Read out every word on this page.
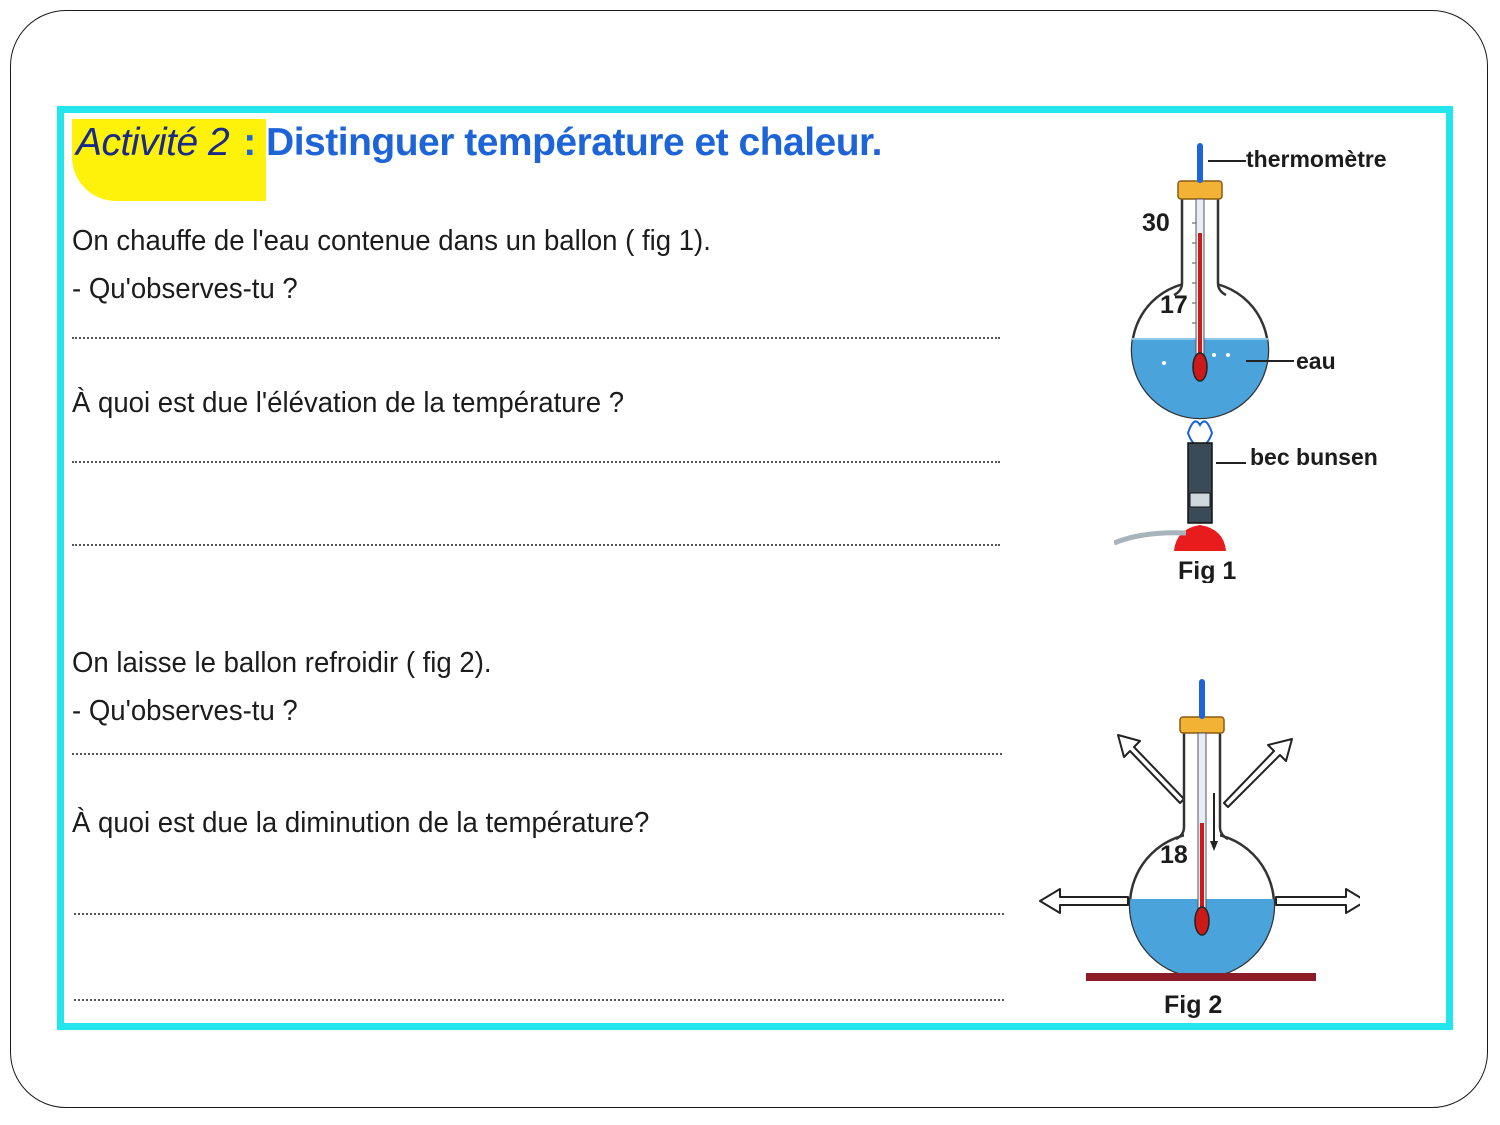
Activité 2 : Distinguer température et chaleur.
On chauffe de l'eau contenue dans un ballon ( fig 1).
- Qu'observes-tu ?
À quoi est due l'élévation de la température ?
On laisse le ballon refroidir ( fig 2).
- Qu'observes-tu ?
À quoi est due la diminution de la température?
30
17
thermomètre
eau
bec bunsen
Fig 1
18
Fig 2
